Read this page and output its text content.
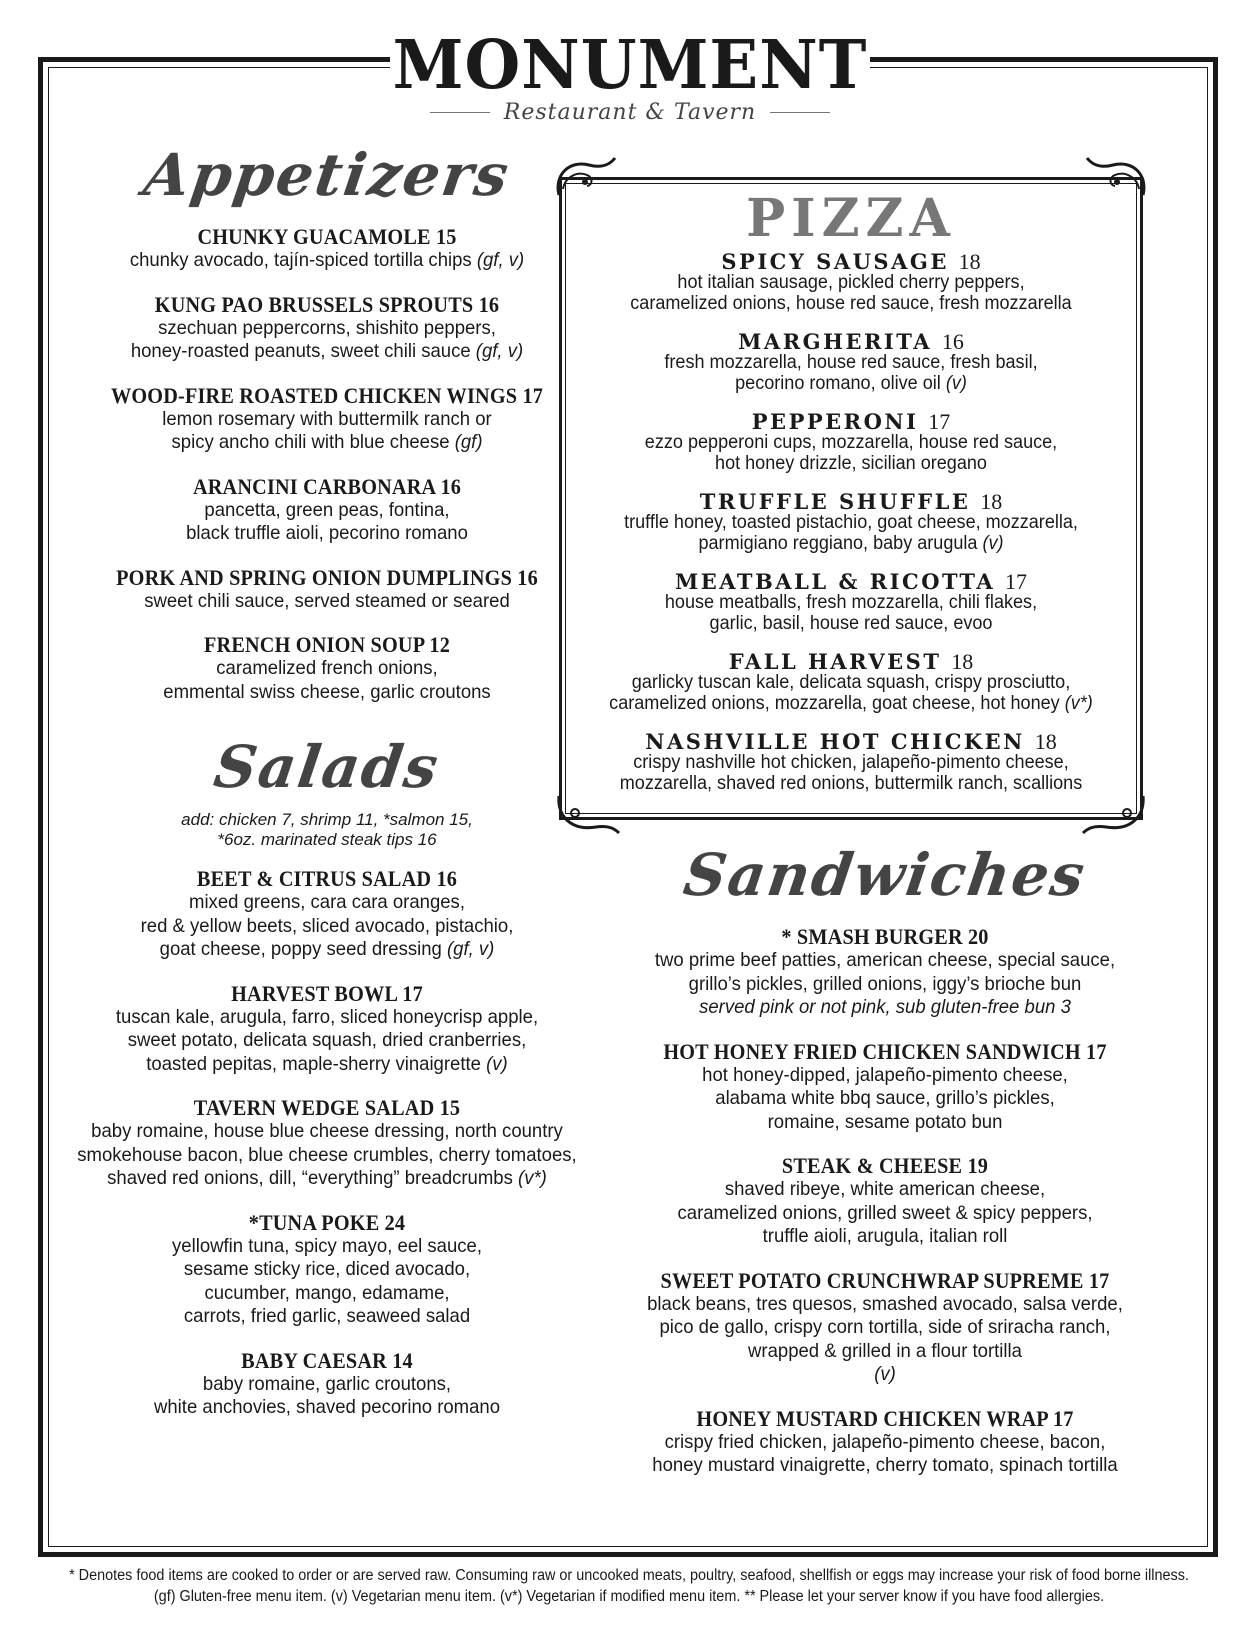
MONUMENT
Restaurant & Tavern
Appetizers
CHUNKY GUACAMOLE 15
chunky avocado, tajín-spiced tortilla chips (gf, v)
KUNG PAO BRUSSELS SPROUTS 16
szechuan peppercorns, shishito peppers,
honey-roasted peanuts, sweet chili sauce (gf, v)
WOOD-FIRE ROASTED CHICKEN WINGS 17
lemon rosemary with buttermilk ranch or
spicy ancho chili with blue cheese (gf)
ARANCINI CARBONARA 16
pancetta, green peas, fontina,
black truffle aioli, pecorino romano
PORK AND SPRING ONION DUMPLINGS 16
sweet chili sauce, served steamed or seared
FRENCH ONION SOUP 12
caramelized french onions,
emmental swiss cheese, garlic croutons
Salads
add: chicken 7, shrimp 11, *salmon 15,
*6oz. marinated steak tips 16
BEET & CITRUS SALAD 16
mixed greens, cara cara oranges,
red & yellow beets, sliced avocado, pistachio,
goat cheese, poppy seed dressing (gf, v)
HARVEST BOWL 17
tuscan kale, arugula, farro, sliced honeycrisp apple,
sweet potato, delicata squash, dried cranberries,
toasted pepitas, maple-sherry vinaigrette (v)
TAVERN WEDGE SALAD 15
baby romaine, house blue cheese dressing, north country
smokehouse bacon, blue cheese crumbles, cherry tomatoes,
shaved red onions, dill, “everything” breadcrumbs (v*)
*TUNA POKE 24
yellowfin tuna, spicy mayo, eel sauce,
sesame sticky rice, diced avocado,
cucumber, mango, edamame,
carrots, fried garlic, seaweed salad
BABY CAESAR 14
baby romaine, garlic croutons,
white anchovies, shaved pecorino romano
PIZZA
SPICY SAUSAGE 18
hot italian sausage, pickled cherry peppers,
caramelized onions, house red sauce, fresh mozzarella
MARGHERITA 16
fresh mozzarella, house red sauce, fresh basil,
pecorino romano, olive oil (v)
PEPPERONI 17
ezzo pepperoni cups, mozzarella, house red sauce,
hot honey drizzle, sicilian oregano
TRUFFLE SHUFFLE 18
truffle honey, toasted pistachio, goat cheese, mozzarella,
parmigiano reggiano, baby arugula (v)
MEATBALL & RICOTTA 17
house meatballs, fresh mozzarella, chili flakes,
garlic, basil, house red sauce, evoo
FALL HARVEST 18
garlicky tuscan kale, delicata squash, crispy prosciutto,
caramelized onions, mozzarella, goat cheese, hot honey (v*)
NASHVILLE HOT CHICKEN 18
crispy nashville hot chicken, jalapeño-pimento cheese,
mozzarella, shaved red onions, buttermilk ranch, scallions
Sandwiches
* SMASH BURGER 20
two prime beef patties, american cheese, special sauce,
grillo’s pickles, grilled onions, iggy’s brioche bun
served pink or not pink, sub gluten-free bun 3
HOT HONEY FRIED CHICKEN SANDWICH 17
hot honey-dipped, jalapeño-pimento cheese,
alabama white bbq sauce, grillo’s pickles,
romaine, sesame potato bun
STEAK & CHEESE 19
shaved ribeye, white american cheese,
caramelized onions, grilled sweet & spicy peppers,
truffle aioli, arugula, italian roll
SWEET POTATO CRUNCHWRAP SUPREME 17
black beans, tres quesos, smashed avocado, salsa verde,
pico de gallo, crispy corn tortilla, side of sriracha ranch,
wrapped & grilled in a flour tortilla
(v)
HONEY MUSTARD CHICKEN WRAP 17
crispy fried chicken, jalapeño-pimento cheese, bacon,
honey mustard vinaigrette, cherry tomato, spinach tortilla
* Denotes food items are cooked to order or are served raw. Consuming raw or uncooked meats, poultry, seafood, shellfish or eggs may increase your risk of food borne illness.
(gf) Gluten-free menu item. (v) Vegetarian menu item. (v*) Vegetarian if modified menu item. ** Please let your server know if you have food allergies.
